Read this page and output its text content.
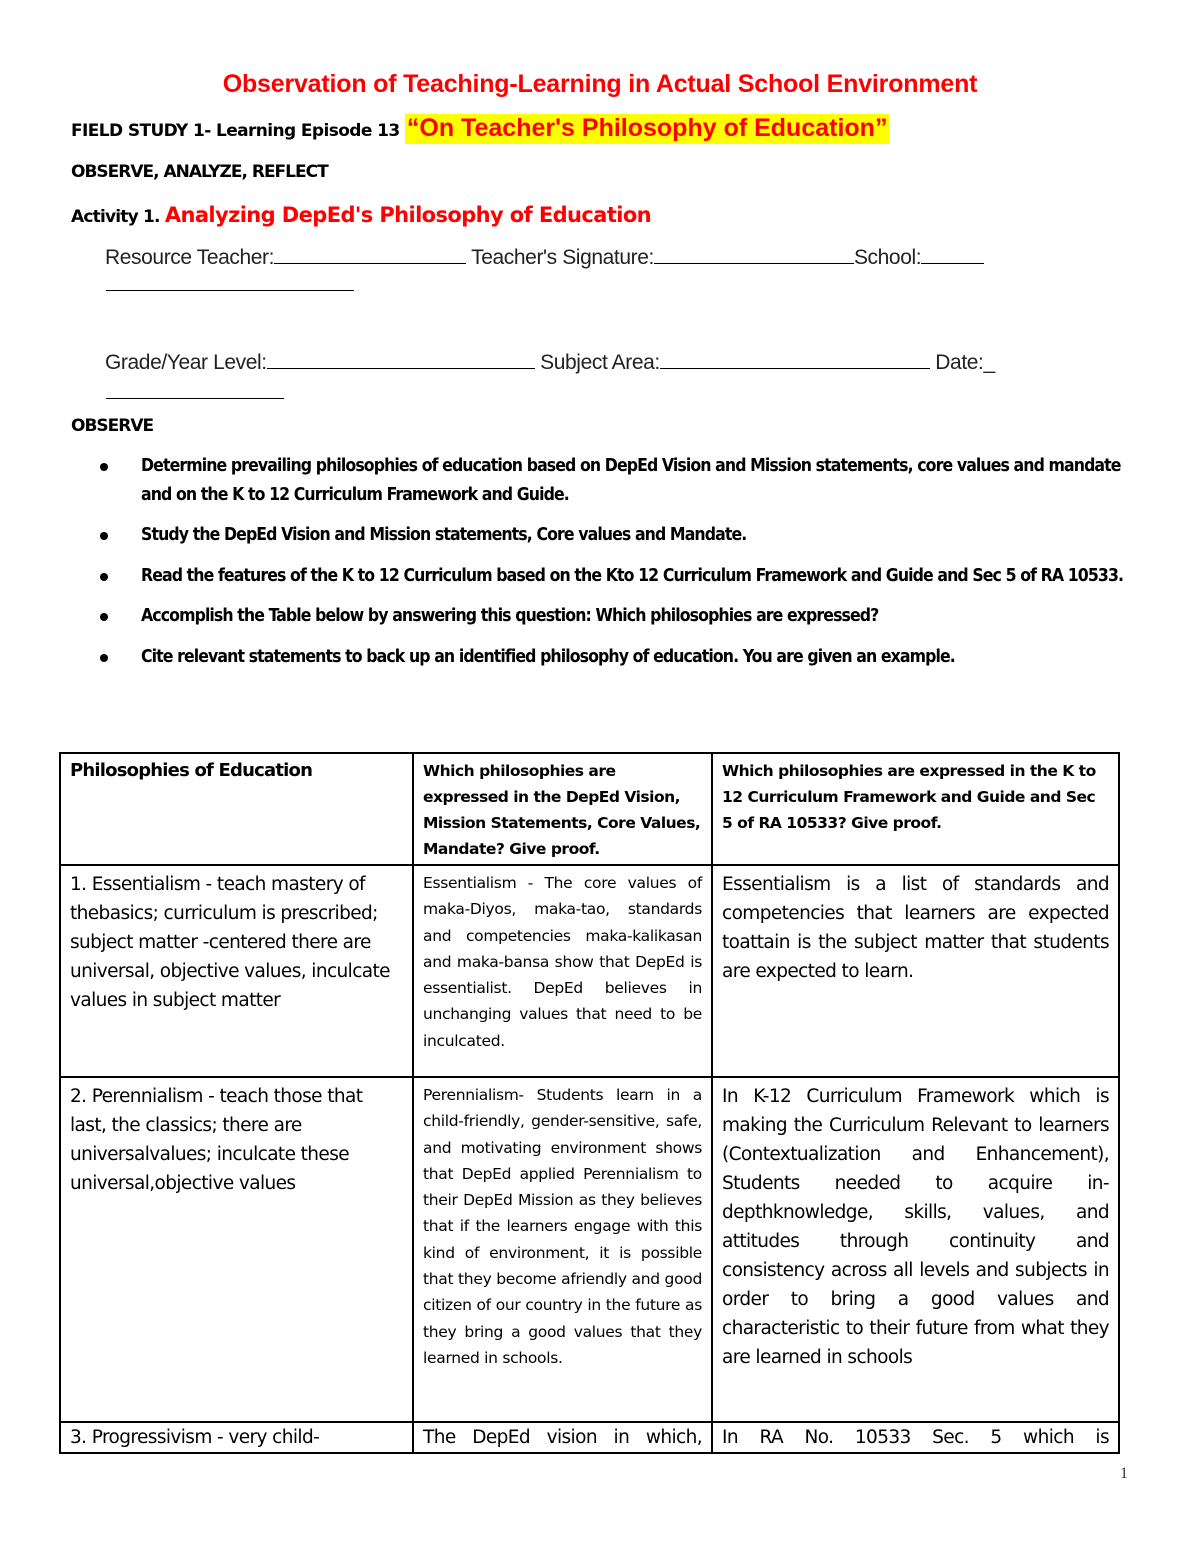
Observation of Teaching-Learning in Actual School Environment
FIELD STUDY 1- Learning Episode 13 “On Teacher's Philosophy of Education”
OBSERVE, ANALYZE, REFLECT
Activity 1. Analyzing DepEd's Philosophy of Education
Resource Teacher:	Teacher's Signature:	School:
Grade/Year Level:	Subject Area:	Date:_
OBSERVE
Determine prevailing philosophies of education based on DepEd Vision and Mission statements, core values and mandate and on the K to 12 Curriculum Framework and Guide.
Study the DepEd Vision and Mission statements, Core values and Mandate.
Read the features of the K to 12 Curriculum based on the Kto 12 Curriculum Framework and Guide and Sec 5 of RA 10533.
Accomplish the Table below by answering this question: Which philosophies are expressed?
Cite relevant statements to back up an identified philosophy of education. You are given an example.
Philosophies of Education	Which philosophies are expressed in the DepEd Vision, Mission Statements, Core Values, Mandate? Give proof.	Which philosophies are expressed in the K to 12 Curriculum Framework and Guide and Sec 5 of RA 10533? Give proof.
1. Essentialism - teach mastery of thebasics; curriculum is prescribed; subject matter -centered there are universal, objective values, inculcate values in subject matter	Essentialism - The core values of maka-Diyos, maka-tao, standards and competencies maka-kalikasan and maka-bansa show that DepEd is essentialist. DepEd believes in unchanging values that need to be inculcated.	Essentialism is a list of standards and competencies that learners are expected toattain is the subject matter that students are expected to learn.
2. Perennialism - teach those that last, the classics; there are universalvalues; inculcate these universal,objective values	Perennialism- Students learn in a child-friendly, gender-sensitive, safe, and motivating environment shows that DepEd applied Perennialism to their DepEd Mission as they believes that if the learners engage with this kind of environment, it is possible that they become afriendly and good citizen of our country in the future as they bring a good values that they learned in schools.	In K-12 Curriculum Framework which is making the Curriculum Relevant to learners (Contextualization and Enhancement), Students needed to acquire in-depthknowledge, skills, values, and attitudes through continuity and consistency across all levels and subjects in order to bring a good values and characteristic to their future from what they are learned in schools
3. Progressivism - very child-	The DepEd vision in which,	In RA No. 10533 Sec. 5 which is
1
